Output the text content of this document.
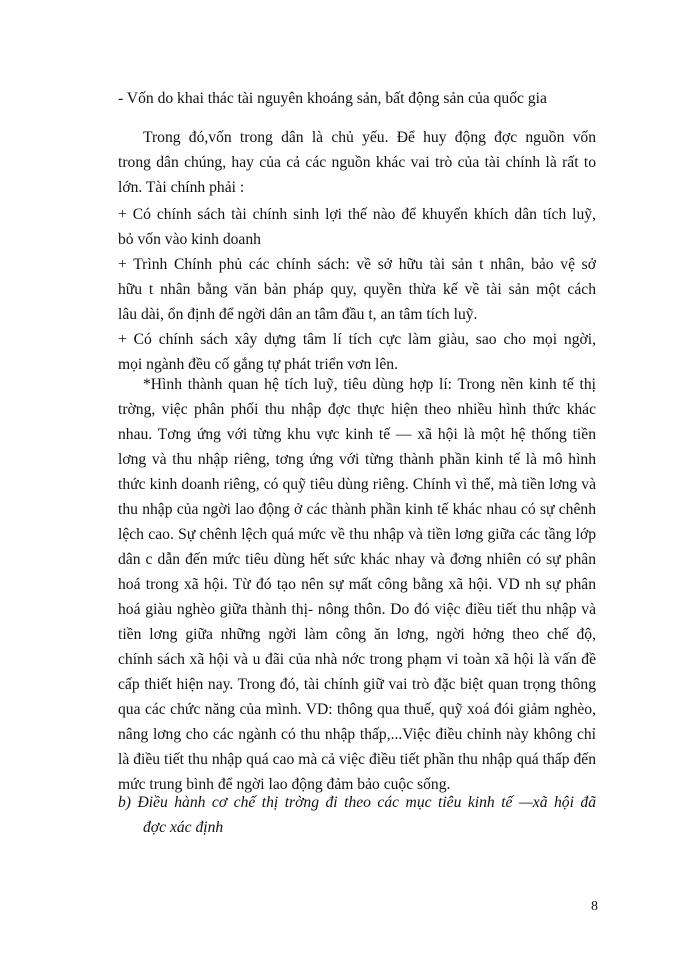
- Vốn do khai thác tài nguyên khoáng sản, bất động sản của quốc gia

Trong đó,vốn trong dân là chủ yếu. Để huy động đợc nguồn vốn
trong dân chúng, hay của cả các nguồn khác vai trò của tài chính là rất to
lớn. Tài chính phải :

+ Có chính sách tài chính sinh lợi thế nào để khuyến khích dân tích luỹ,
bỏ vốn vào kinh doanh
+ Trình Chính phủ các chính sách: về sở hữu tài sản t nhân, bảo vệ sở
hữu t nhân bằng văn bản pháp quy, quyền thừa kế về tài sản một cách
lâu dài, ổn định để ngời dân an tâm đầu t, an tâm tích luỹ.
+ Có chính sách xây dựng tâm lí tích cực làm giàu, sao cho mọi ngời,
mọi ngành đều cố gắng tự phát triển vơn lên.

*Hình thành quan hệ tích luỹ, tiêu dùng hợp lí: Trong nền kinh tế thị
trờng, việc phân phối thu nhập đợc thực hiện theo nhiều hình thức khác
nhau. Tơng ứng với từng khu vực kinh tế — xã hội là một hệ thống tiền
lơng và thu nhập riêng, tơng ứng với từng thành phần kinh tế là mô hình
thức kinh doanh riêng, có quỹ tiêu dùng riêng. Chính vì thế, mà tiền lơng và
thu nhập của ngời lao động ở các thành phần kinh tế khác nhau có sự chênh
lệch cao. Sự chênh lệch quá mức về thu nhập và tiền lơng giữa các tầng lớp
dân c dẫn đến mức tiêu dùng hết sức khác nhay và đơng nhiên có sự phân
hoá trong xã hội. Từ đó tạo nên sự mất công bằng xã hội. VD nh sự phân
hoá giàu nghèo giữa thành thị- nông thôn. Do đó việc điều tiết thu nhập và
tiền lơng giữa những ngời làm công ăn lơng, ngời hởng theo chế độ,
chính sách xã hội và u đãi của nhà nớc trong phạm vi toàn xã hội là vấn đề
cấp thiết hiện nay. Trong đó, tài chính giữ vai trò đặc biệt quan trọng thông
qua các chức năng của mình. VD: thông qua thuế, quỹ xoá đói giảm nghèo,
nâng lơng cho các ngành có thu nhập thấp,...Việc điều chỉnh này không chỉ
là điều tiết thu nhập quá cao mà cả việc điều tiết phần thu nhập quá thấp đến
mức trung bình để ngời lao động đảm bảo cuộc sống.

b) Điều hành cơ chế thị trờng đi theo các mục tiêu kinh tế —xã hội đã
đợc xác định

8
